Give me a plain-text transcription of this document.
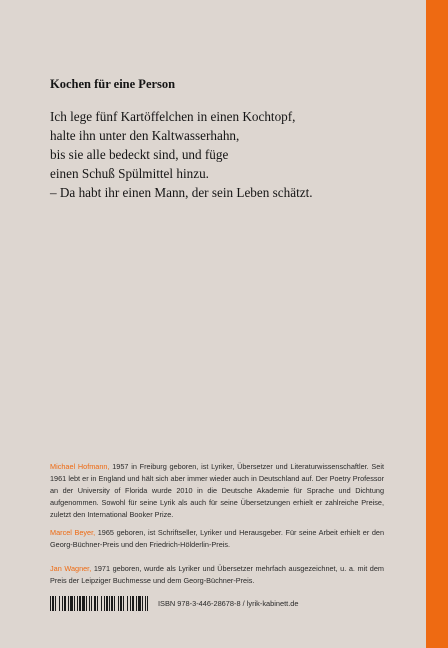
Kochen für eine Person
Ich lege fünf Kartöffelchen in einen Kochtopf,
halte ihn unter den Kaltwasserhahn,
bis sie alle bedeckt sind, und füge
einen Schuß Spülmittel hinzu.
– Da habt ihr einen Mann, der sein Leben schätzt.

Michael Hofmann, 1957 in Freiburg geboren, ist Lyriker, Übersetzer und Literaturwissenschaftler. Seit 1961 lebt er in England und hält sich aber immer wieder auch in Deutschland auf. Der Poetry Professor an der University of Florida wurde 2010 in die Deutsche Akademie für Sprache und Dichtung aufgenommen. Sowohl für seine Lyrik als auch für seine Übersetzungen erhielt er zahlreiche Preise, zuletzt den International Booker Prize.

Marcel Beyer, 1965 geboren, ist Schriftseller, Lyriker und Herausgeber. Für seine Arbeit erhielt er den Georg-Büchner-Preis und den Friedrich-Hölderlin-Preis.

Jan Wagner, 1971 geboren, wurde als Lyriker und Übersetzer mehrfach ausgezeichnet, u. a. mit dem Preis der Leipziger Buchmesse und dem Georg-Büchner-Preis.

ISBN 978-3-446-28678-8 / lyrik-kabinett.de
